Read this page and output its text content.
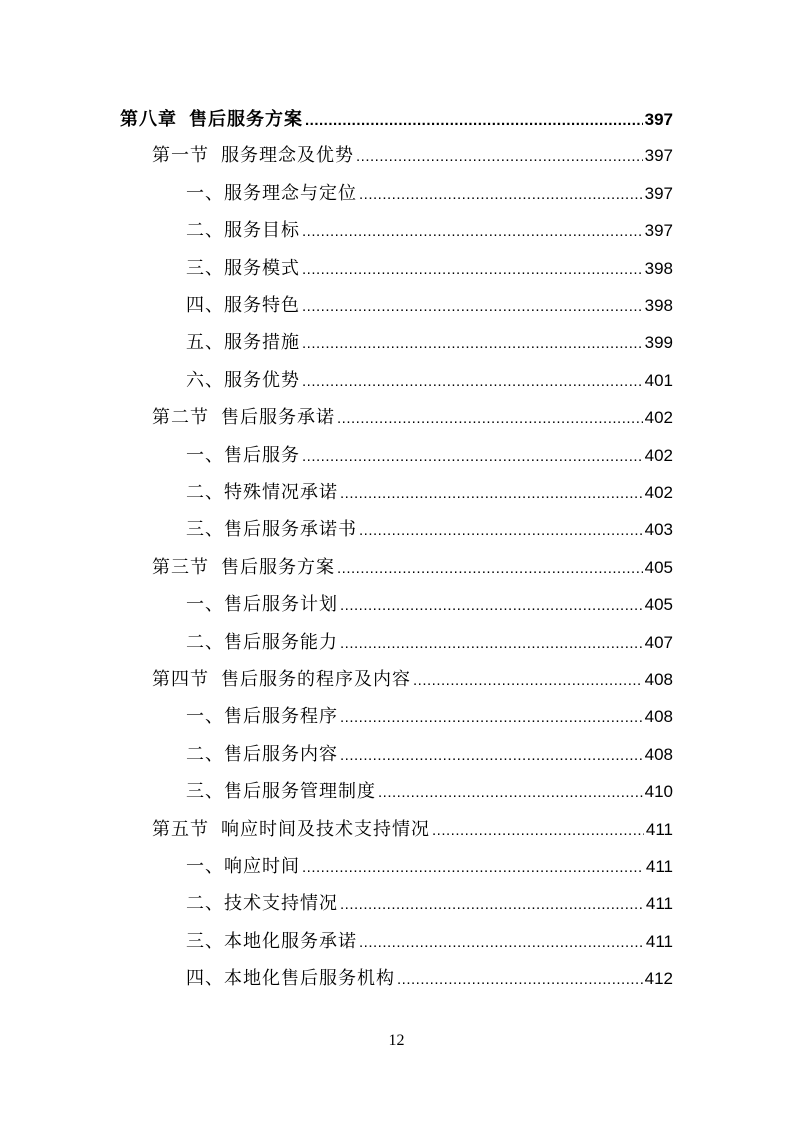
第八章 售后服务方案 .....	397
第一节 服务理念及优势 .....	397
一、服务理念与定位 .....	397
二、服务目标 .....	397
三、服务模式 .....	398
四、服务特色 .....	398
五、服务措施 .....	399
六、服务优势 .....	401
第二节 售后服务承诺 .....	402
一、售后服务 .....	402
二、特殊情况承诺 .....	402
三、售后服务承诺书 .....	403
第三节 售后服务方案 .....	405
一、售后服务计划 .....	405
二、售后服务能力 .....	407
第四节 售后服务的程序及内容 .....	408
一、售后服务程序 .....	408
二、售后服务内容 .....	408
三、售后服务管理制度 .....	410
第五节 响应时间及技术支持情况 .....	411
一、响应时间 .....	411
二、技术支持情况 .....	411
三、本地化服务承诺 .....	411
四、本地化售后服务机构 .....	412
12
